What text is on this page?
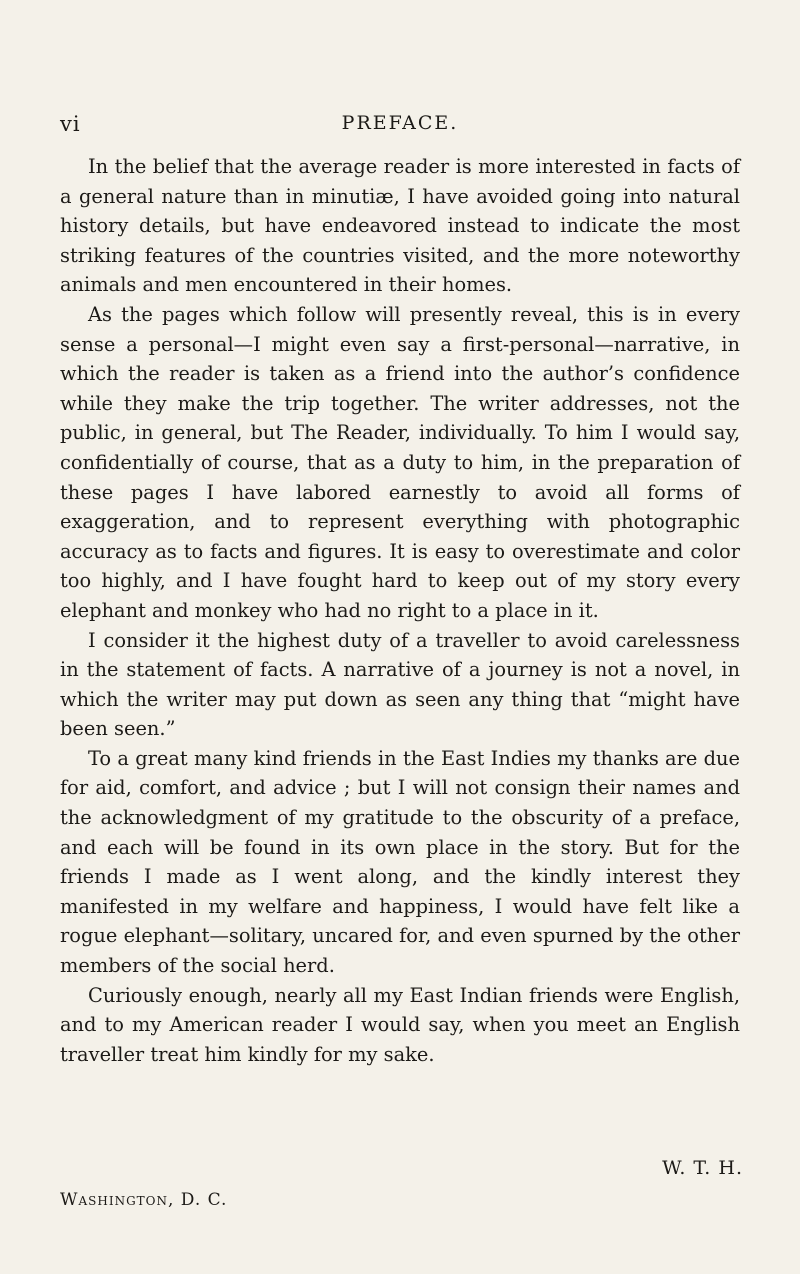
vi	PREFACE.

In the belief that the average reader is more interested in facts of a general nature than in minutiæ, I have avoided going into natural history details, but have endeavored instead to indicate the most striking features of the countries visited, and the more noteworthy animals and men encountered in their homes.

As the pages which follow will presently reveal, this is in every sense a personal—I might even say a first-personal—narrative, in which the reader is taken as a friend into the author’s confidence while they make the trip together. The writer addresses, not the public, in general, but The Reader, individually. To him I would say, confidentially of course, that as a duty to him, in the preparation of these pages I have labored earnestly to avoid all forms of exaggeration, and to represent everything with photographic accuracy as to facts and figures. It is easy to overestimate and color too highly, and I have fought hard to keep out of my story every elephant and monkey who had no right to a place in it.

I consider it the highest duty of a traveller to avoid carelessness in the statement of facts. A narrative of a journey is not a novel, in which the writer may put down as seen any thing that “might have been seen.”

To a great many kind friends in the East Indies my thanks are due for aid, comfort, and advice ; but I will not consign their names and the acknowledgment of my gratitude to the obscurity of a preface, and each will be found in its own place in the story. But for the friends I made as I went along, and the kindly interest they manifested in my welfare and happiness, I would have felt like a rogue elephant—solitary, uncared for, and even spurned by the other members of the social herd.

Curiously enough, nearly all my East Indian friends were English, and to my American reader I would say, when you meet an English traveller treat him kindly for my sake.

W. T. H.
Washington, D. C.
